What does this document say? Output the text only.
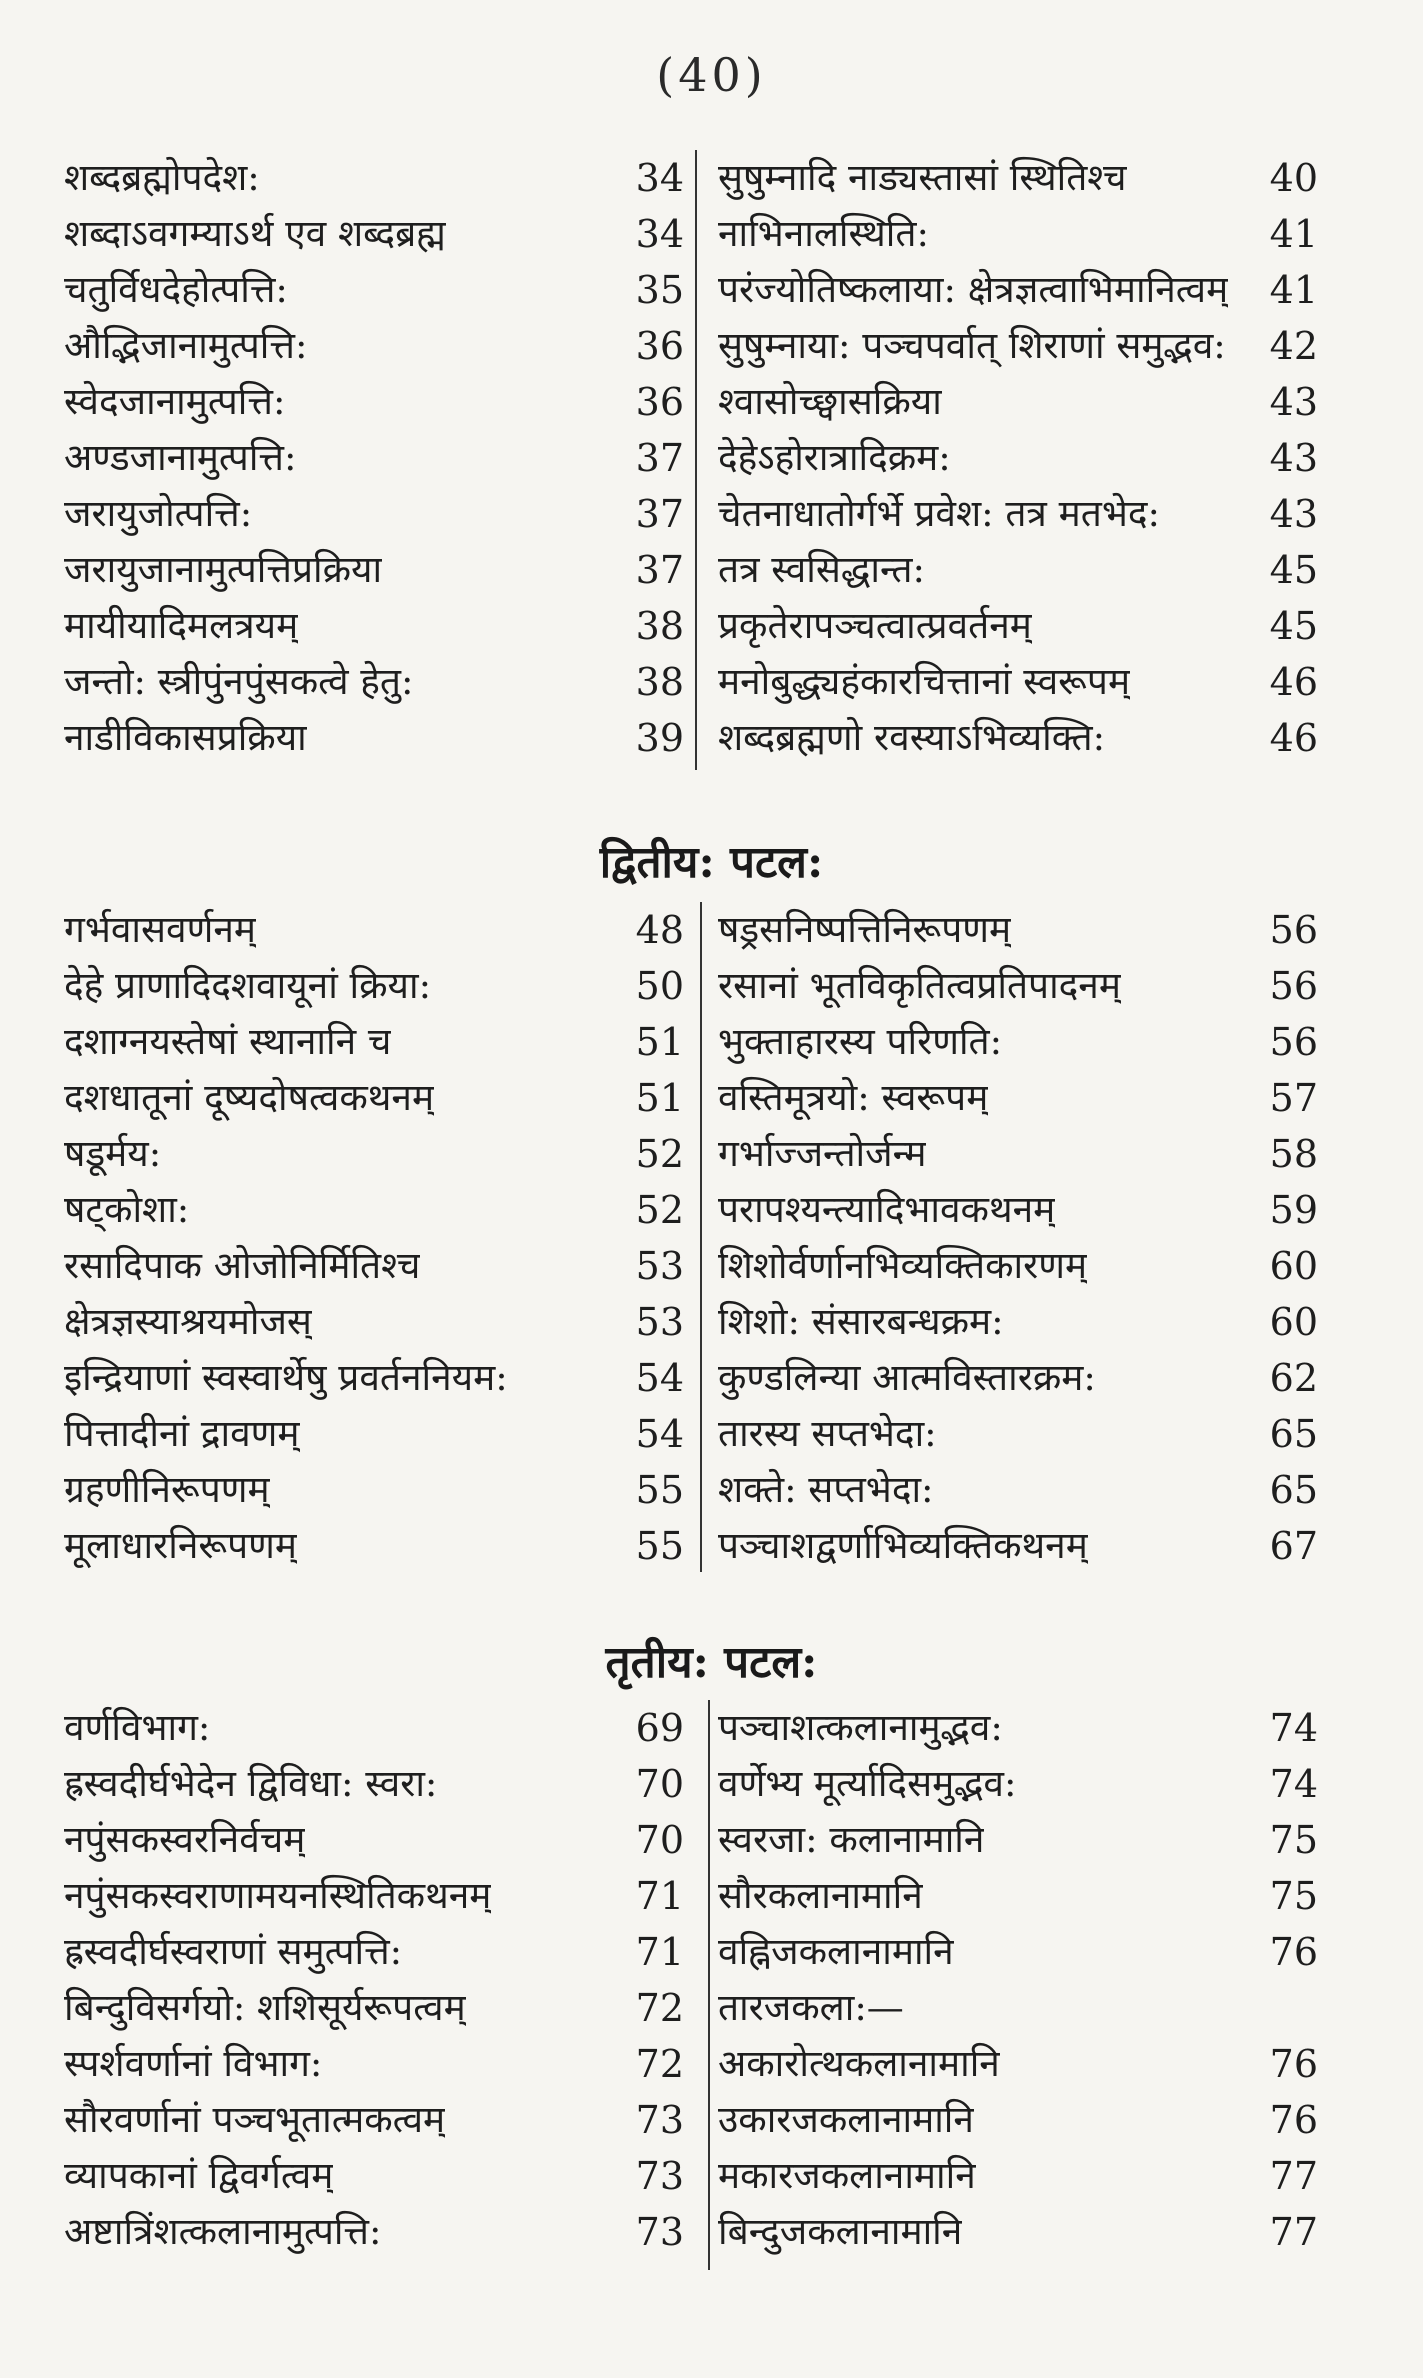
(40)
शब्दब्रह्मोपदेश:	34
शब्दाऽवगम्याऽर्थ एव शब्दब्रह्म	34
चतुर्विधदेहोत्पत्ति:	35
औद्भिजानामुत्पत्ति:	36
स्वेदजानामुत्पत्ति:	36
अण्डजानामुत्पत्ति:	37
जरायुजोत्पत्ति:	37
जरायुजानामुत्पत्तिप्रक्रिया	37
मायीयादिमलत्रयम्	38
जन्तो: स्त्रीपुंनपुंसकत्वे हेतु:	38
नाडीविकासप्रक्रिया	39
सुषुम्नादि नाड्यस्तासां स्थितिश्च	40
नाभिनालस्थिति:	41
परंज्योतिष्कलाया: क्षेत्रज्ञत्वाभिमानित्वम्	41
सुषुम्नाया: पञ्चपर्वात् शिराणां समुद्भव:	42
श्वासोच्छ्वासक्रिया	43
देहेऽहोरात्रादिक्रम:	43
चेतनाधातोर्गर्भे प्रवेश: तत्र मतभेद:	43
तत्र स्वसिद्धान्त:	45
प्रकृतेरापञ्चत्वात्प्रवर्तनम्	45
मनोबुद्ध्यहंकारचित्तानां स्वरूपम्	46
शब्दब्रह्मणो रवस्याऽभिव्यक्ति:	46
द्वितीय: पटल:
गर्भवासवर्णनम्	48
देहे प्राणादिदशवायूनां क्रिया:	50
दशाग्नयस्तेषां स्थानानि च	51
दशधातूनां दूष्यदोषत्वकथनम्	51
षडूर्मय:	52
षट्कोशा:	52
रसादिपाक ओजोनिर्मितिश्च	53
क्षेत्रज्ञस्याश्रयमोजस्	53
इन्द्रियाणां स्वस्वार्थेषु प्रवर्तननियम:	54
पित्तादीनां द्रावणम्	54
ग्रहणीनिरूपणम्	55
मूलाधारनिरूपणम्	55
षड्रसनिष्पत्तिनिरूपणम्	56
रसानां भूतविकृतित्वप्रतिपादनम्	56
भुक्ताहारस्य परिणति:	56
वस्तिमूत्रयो: स्वरूपम्	57
गर्भाज्जन्तोर्जन्म	58
परापश्यन्त्यादिभावकथनम्	59
शिशोर्वर्णानभिव्यक्तिकारणम्	60
शिशो: संसारबन्धक्रम:	60
कुण्डलिन्या आत्मविस्तारक्रम:	62
तारस्य सप्तभेदा:	65
शक्ते: सप्तभेदा:	65
पञ्चाशद्वर्णाभिव्यक्तिकथनम्	67
तृतीय: पटल:
वर्णविभाग:	69
ह्रस्वदीर्घभेदेन द्विविधा: स्वरा:	70
नपुंसकस्वरनिर्वचम्	70
नपुंसकस्वराणामयनस्थितिकथनम्	71
ह्रस्वदीर्घस्वराणां समुत्पत्ति:	71
बिन्दुविसर्गयो: शशिसूर्यरूपत्वम्	72
स्पर्शवर्णानां विभाग:	72
सौरवर्णानां पञ्चभूतात्मकत्वम्	73
व्यापकानां द्विवर्गत्वम्	73
अष्टात्रिंशत्कलानामुत्पत्ति:	73
पञ्चाशत्कलानामुद्भव:	74
वर्णेभ्य मूर्त्यादिसमुद्भव:	74
स्वरजा: कलानामानि	75
सौरकलानामानि	75
वह्निजकलानामानि	76
तारजकला:—
अकारोत्थकलानामानि	76
उकारजकलानामानि	76
मकारजकलानामानि	77
बिन्दुजकलानामानि	77
